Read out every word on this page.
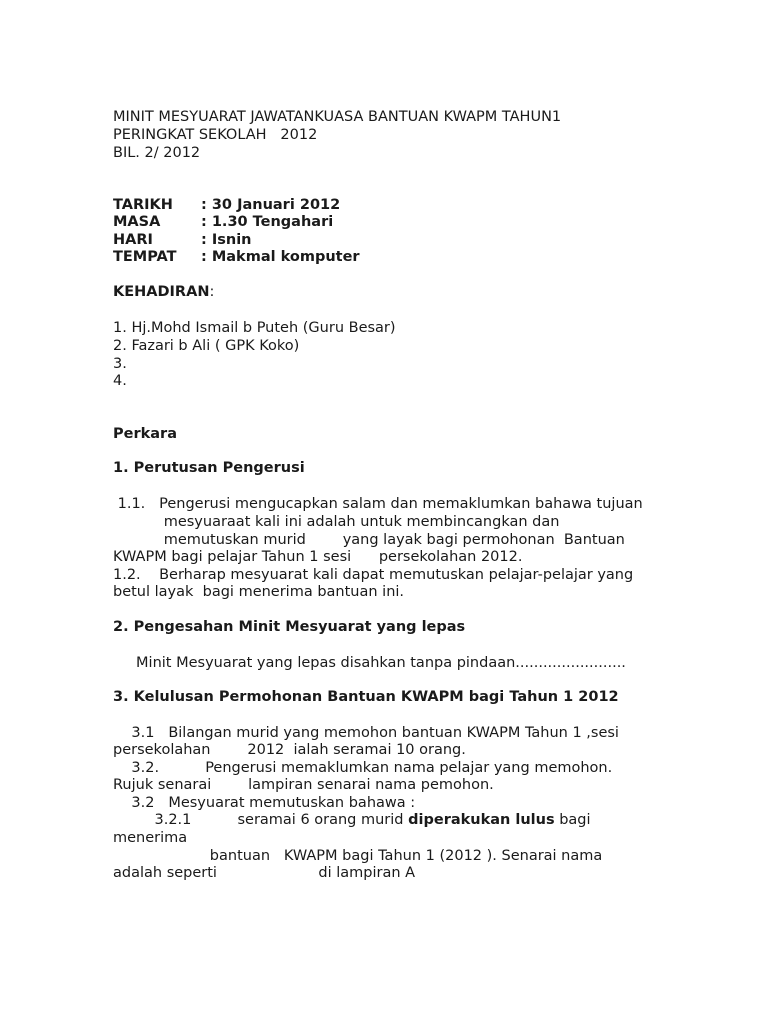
MINIT MESYUARAT JAWATANKUASA BANTUAN KWAPM TAHUN1
PERINGKAT SEKOLAH   2012
BIL. 2/ 2012
TARIKH : 30 Januari 2012
MASA	: 1.30 Tengahari
HARI	: Isnin
TEMPAT : Makmal komputer
KEHADIRAN:
1. Hj.Mohd Ismail b Puteh (Guru Besar)
2. Fazari b Ali ( GPK Koko)
3.
4.
Perkara
1. Perutusan Pengerusi
1.1.   Pengerusi mengucapkan salam dan memaklumkan bahawa tujuan
mesyuaraat kali ini adalah untuk membincangkan dan
memutuskan murid        yang layak bagi permohonan  Bantuan
KWAPM bagi pelajar Tahun 1 sesi      persekolahan 2012.
1.2.    Berharap mesyuarat kali dapat memutuskan pelajar-pelajar yang
betul layak  bagi menerima bantuan ini.
2. Pengesahan Minit Mesyuarat yang lepas
Minit Mesyuarat yang lepas disahkan tanpa pindaan........................
3. Kelulusan Permohonan Bantuan KWAPM bagi Tahun 1 2012
3.1   Bilangan murid yang memohon bantuan KWAPM Tahun 1 ,sesi
persekolahan        2012  ialah seramai 10 orang.
3.2.          Pengerusi memaklumkan nama pelajar yang memohon.
Rujuk senarai        lampiran senarai nama pemohon.
3.2   Mesyuarat memutuskan bahawa :
3.2.1          seramai 6 orang murid diperakukan lulus bagi
menerima
bantuan   KWAPM bagi Tahun 1 (2012 ). Senarai nama
adalah seperti                      di lampiran A
